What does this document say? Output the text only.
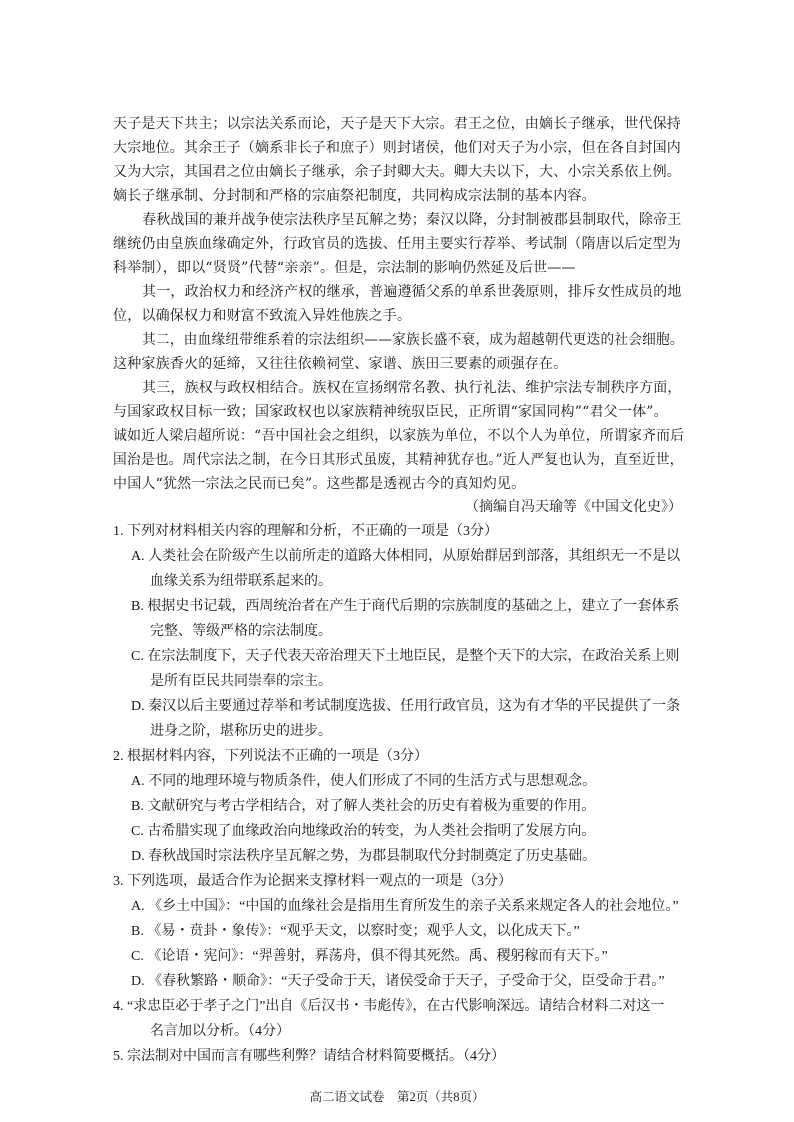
天子是天下共主；以宗法关系而论，天子是天下大宗。君王之位，由嫡长子继承，世代保持
大宗地位。其余王子（嫡系非长子和庶子）则封诸侯，他们对天子为小宗，但在各自封国内
又为大宗，其国君之位由嫡长子继承，余子封卿大夫。卿大夫以下，大、小宗关系依上例。
嫡长子继承制、分封制和严格的宗庙祭祀制度，共同构成宗法制的基本内容。
春秋战国的兼并战争使宗法秩序呈瓦解之势；秦汉以降，分封制被郡县制取代，除帝王
继统仍由皇族血缘确定外，行政官员的选拔、任用主要实行荐举、考试制（隋唐以后定型为
科举制），即以“贤贤”代替“亲亲”。但是，宗法制的影响仍然延及后世——
其一，政治权力和经济产权的继承，普遍遵循父系的单系世袭原则，排斥女性成员的地
位，以确保权力和财富不致流入异姓他族之手。
其二，由血缘纽带维系着的宗法组织——家族长盛不衰，成为超越朝代更迭的社会细胞。
这种家族香火的延缔，又往往依赖祠堂、家谱、族田三要素的顽强存在。
其三，族权与政权相结合。族权在宣扬纲常名教、执行礼法、维护宗法专制秩序方面，
与国家政权目标一致；国家政权也以家族精神统驭臣民，正所谓“家国同构”“君父一体”。
诚如近人梁启超所说：“吾中国社会之组织，以家族为单位，不以个人为单位，所谓家齐而后
国治是也。周代宗法之制，在今日其形式虽废，其精神犹存也。”近人严复也认为，直至近世，
中国人“犹然一宗法之民而已矣”。这些都是透视古今的真知灼见。
（摘编自冯天瑜等《中国文化史》）
1. 下列对材料相关内容的理解和分析，不正确的一项是（3分）
A. 人类社会在阶级产生以前所走的道路大体相同，从原始群居到部落，其组织无一不是以
血缘关系为纽带联系起来的。
B. 根据史书记载，西周统治者在产生于商代后期的宗族制度的基础之上，建立了一套体系
完整、等级严格的宗法制度。
C. 在宗法制度下，天子代表天帝治理天下土地臣民，是整个天下的大宗，在政治关系上则
是所有臣民共同崇奉的宗主。
D. 秦汉以后主要通过荐举和考试制度选拔、任用行政官员，这为有才华的平民提供了一条
进身之阶，堪称历史的进步。
2. 根据材料内容，下列说法不正确的一项是（3分）
A. 不同的地理环境与物质条件，使人们形成了不同的生活方式与思想观念。
B. 文献研究与考古学相结合，对了解人类社会的历史有着极为重要的作用。
C. 古希腊实现了血缘政治向地缘政治的转变，为人类社会指明了发展方向。
D. 春秋战国时宗法秩序呈瓦解之势，为郡县制取代分封制奠定了历史基础。
3. 下列选项，最适合作为论据来支撑材料一观点的一项是（3分）
A. 《乡土中国》：“中国的血缘社会是指用生育所发生的亲子关系来规定各人的社会地位。”
B. 《易・贲卦・象传》：“观乎天文，以察时变；观乎人文，以化成天下。”
C. 《论语・宪问》：“羿善射，奡荡舟，俱不得其死然。禹、稷躬稼而有天下。”
D. 《春秋繁路・顺命》：“天子受命于天，诸侯受命于天子，子受命于父，臣受命于君。”
4. “求忠臣必于孝子之门”出自《后汉书・韦彪传》，在古代影响深远。请结合材料二对这一
名言加以分析。（4分）
5. 宗法制对中国而言有哪些利弊？请结合材料简要概括。（4分）
高二语文试卷　第2页（共8页）
